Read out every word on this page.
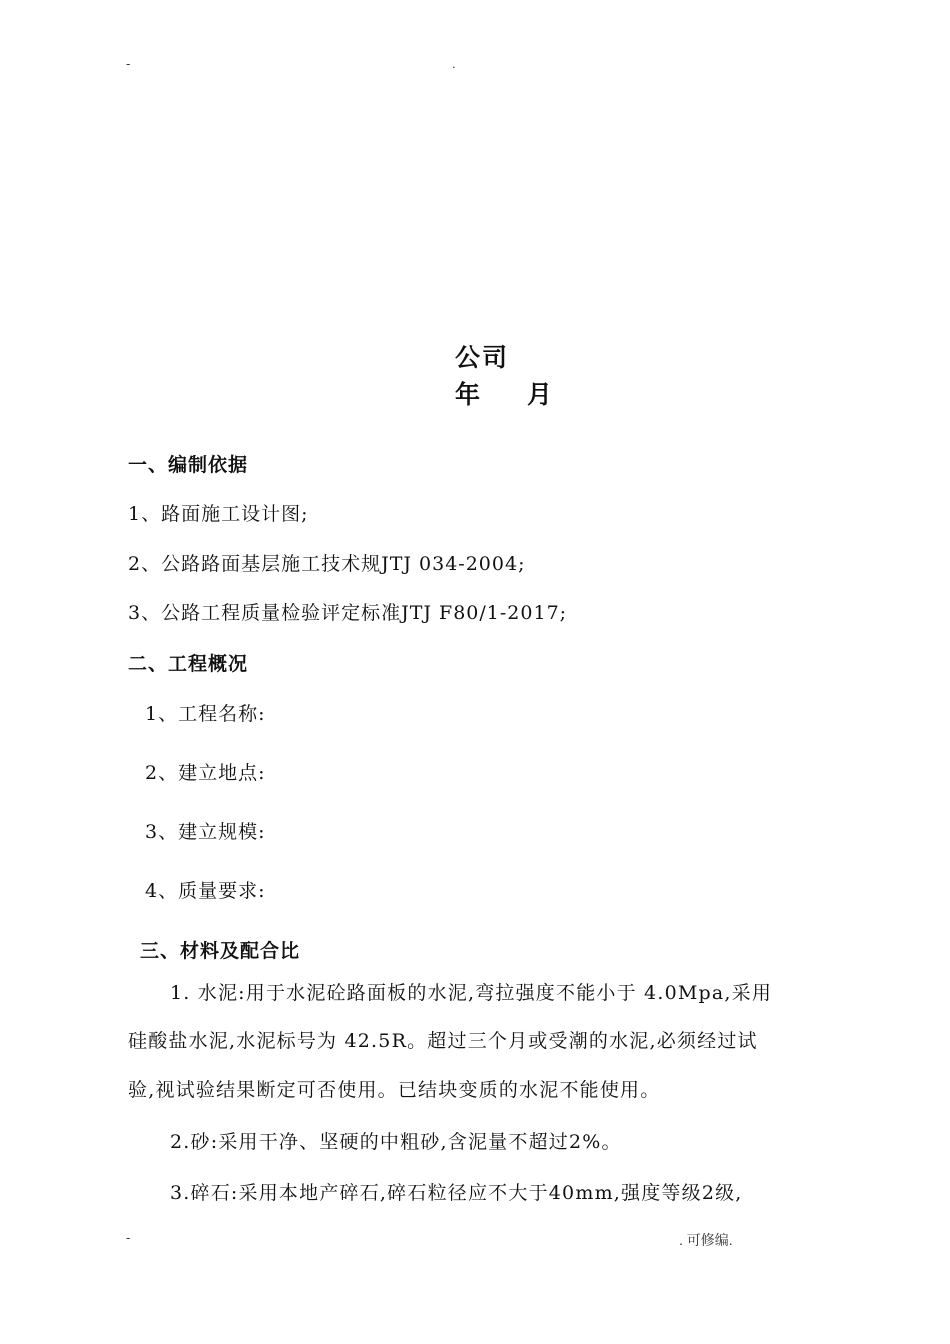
-	.
公司
年 月
一、编制依据
1、路面施工设计图;
2、公路路面基层施工技术规JTJ 034-2004;
3、公路工程质量检验评定标准JTJ F80/1-2017;
二、工程概况
1、工程名称:
2、建立地点:
3、建立规模:
4、质量要求:
三、材料及配合比
1. 水泥:用于水泥砼路面板的水泥,弯拉强度不能小于 4.0Mpa,采用
硅酸盐水泥,水泥标号为 42.5R。超过三个月或受潮的水泥,必须经过试
验,视试验结果断定可否使用。已结块变质的水泥不能使用。
2.砂:采用干净、坚硬的中粗砂,含泥量不超过2%。
3.碎石:采用本地产碎石,碎石粒径应不大于40mm,强度等级2级,
-	. 可修编.
